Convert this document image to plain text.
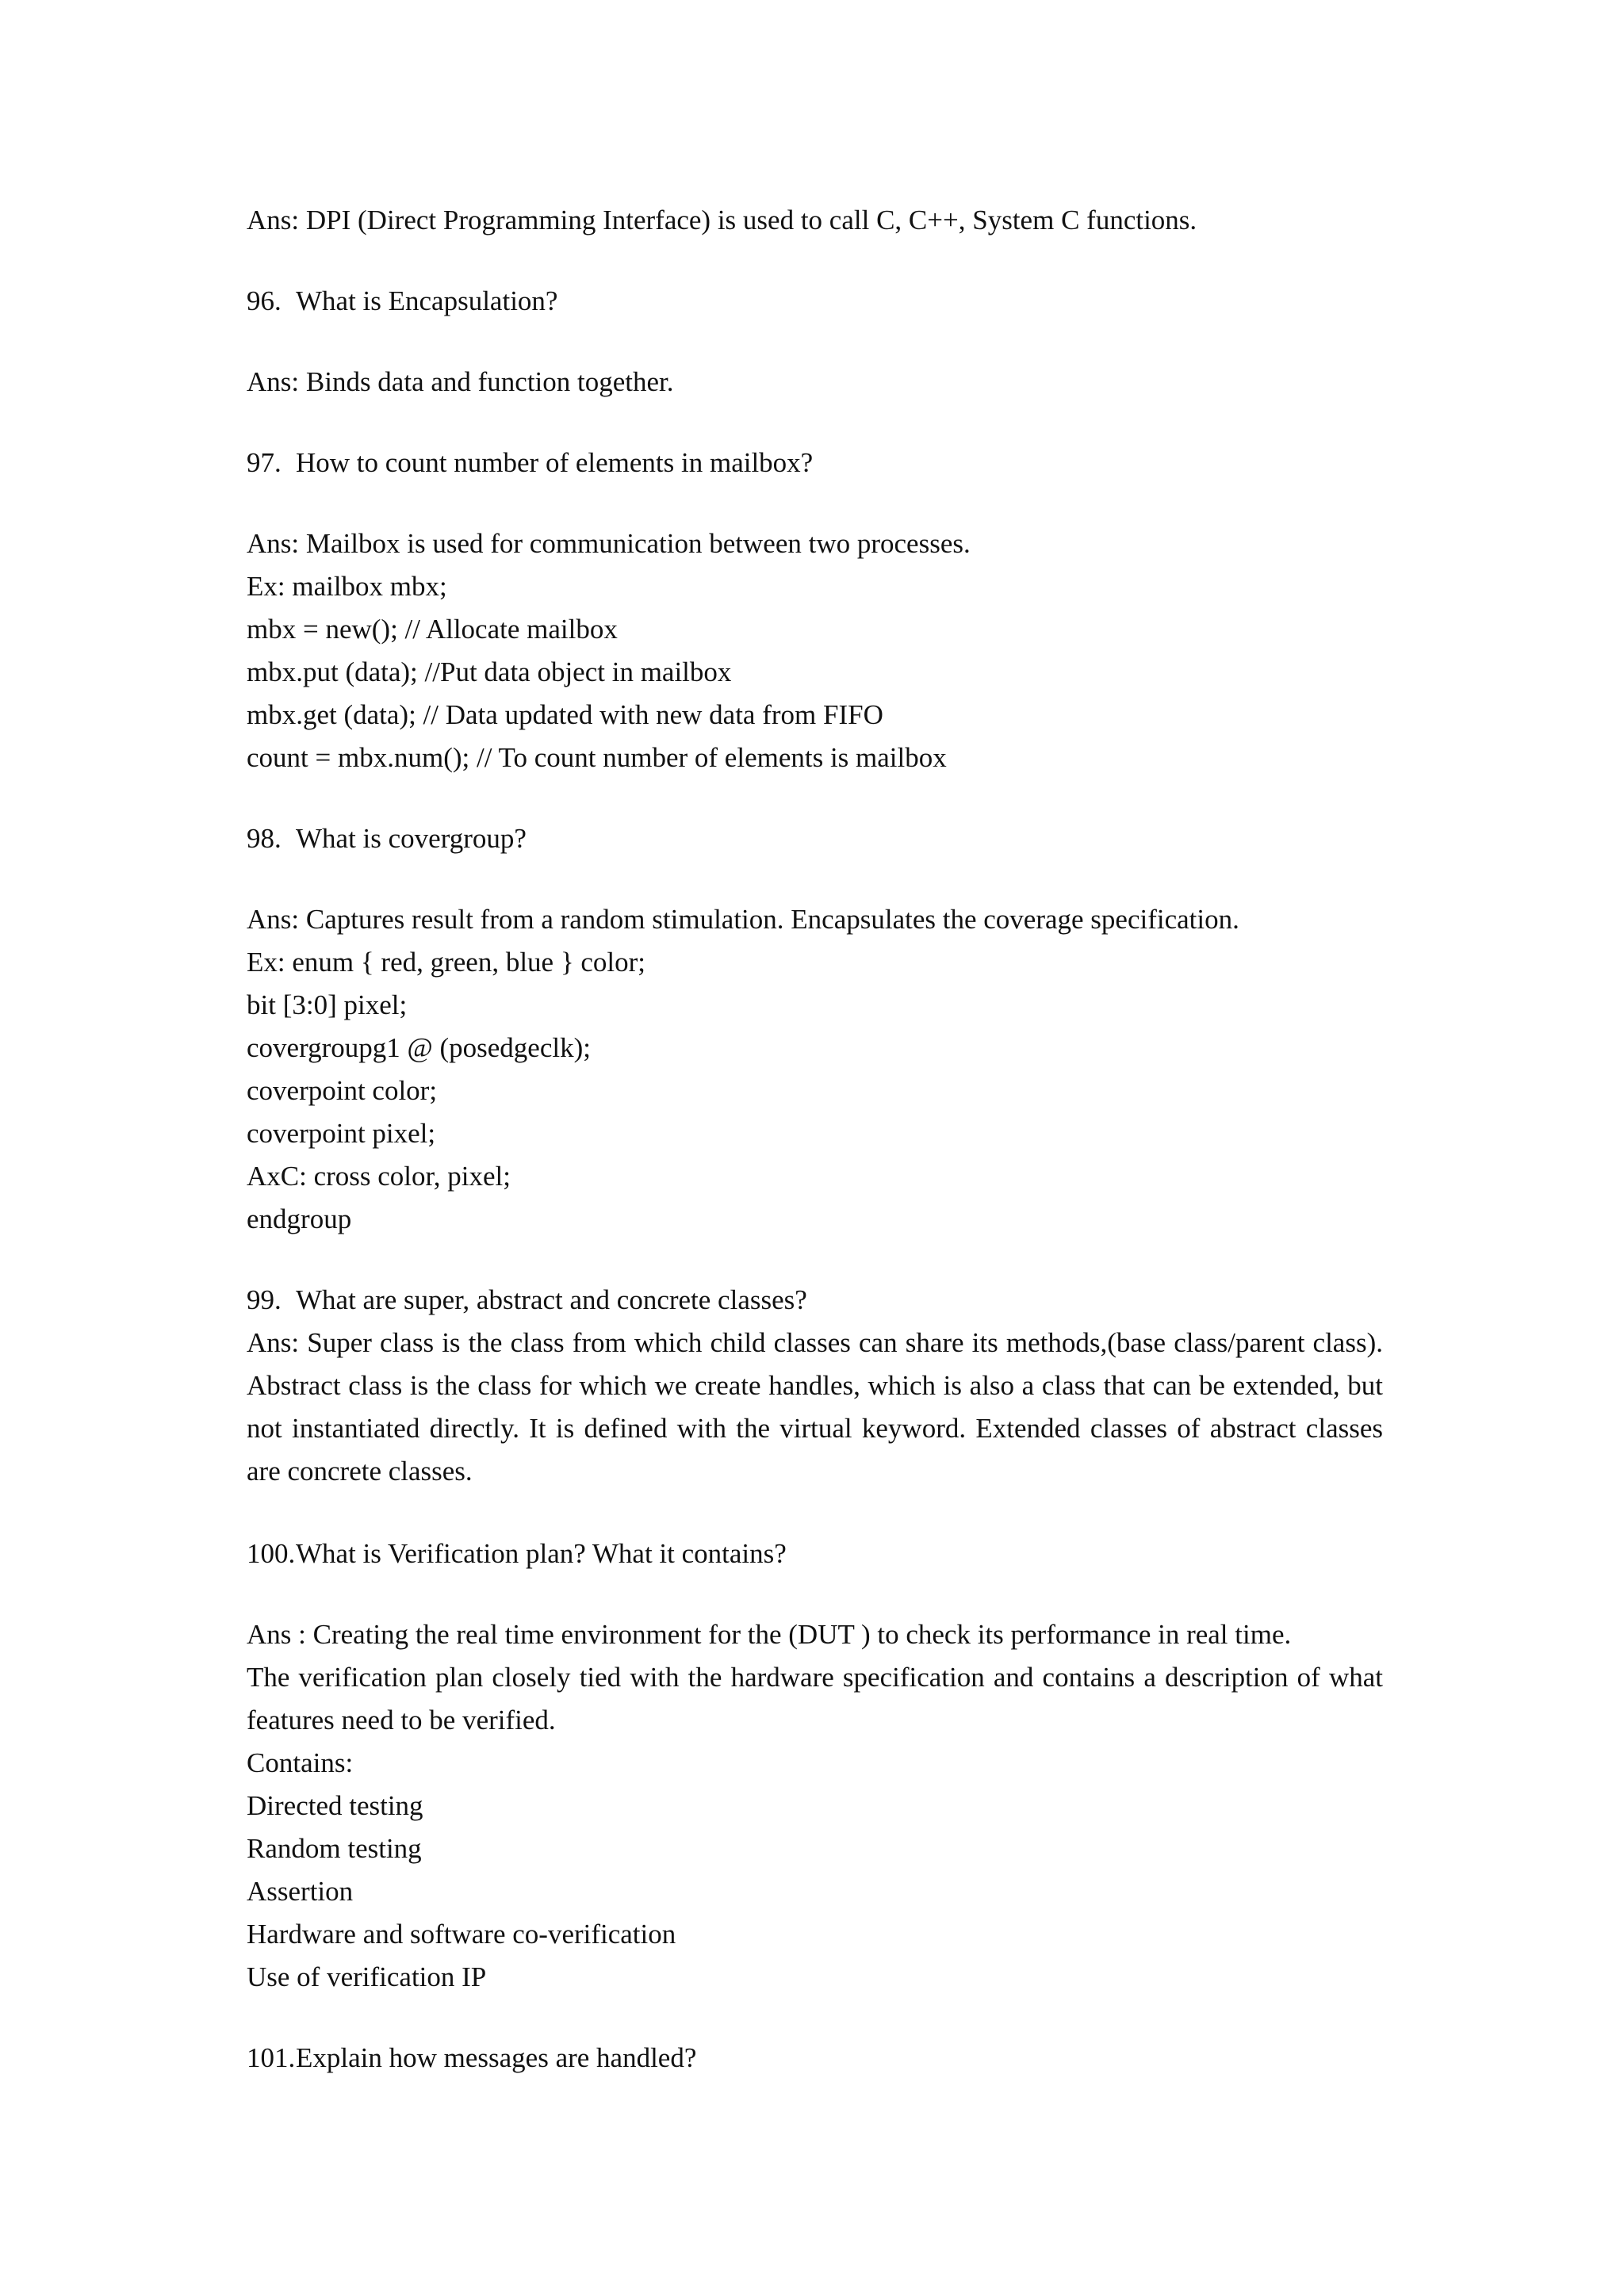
Ans: DPI (Direct Programming Interface) is used to call C, C++, System C functions.
96. What is Encapsulation?
Ans: Binds data and function together.
97. How to count number of elements in mailbox?
Ans: Mailbox is used for communication between two processes.
Ex: mailbox mbx;
mbx = new(); // Allocate mailbox
mbx.put (data); //Put data object in mailbox
mbx.get (data); // Data updated with new data from FIFO
count = mbx.num(); // To count number of elements is mailbox
98. What is covergroup?
Ans: Captures result from a random stimulation. Encapsulates the coverage specification.
Ex: enum { red, green, blue } color;
bit [3:0] pixel;
covergroupg1 @ (posedgeclk);
coverpoint color;
coverpoint pixel;
AxC: cross color, pixel;
endgroup
99. What are super, abstract and concrete classes?
Ans: Super class is the class from which child classes can share its methods,(base class/parent class). Abstract class is the class for which we create handles, which is also a class that can be extended, but not instantiated directly. It is defined with the virtual keyword. Extended classes of abstract classes are concrete classes.
100.What is Verification plan? What it contains?
Ans : Creating the real time environment for the (DUT ) to check its performance in real time.
The verification plan closely tied with the hardware specification and contains a description of what features need to be verified.
Contains:
Directed testing
Random testing
Assertion
Hardware and software co-verification
Use of verification IP
101.Explain how messages are handled?
